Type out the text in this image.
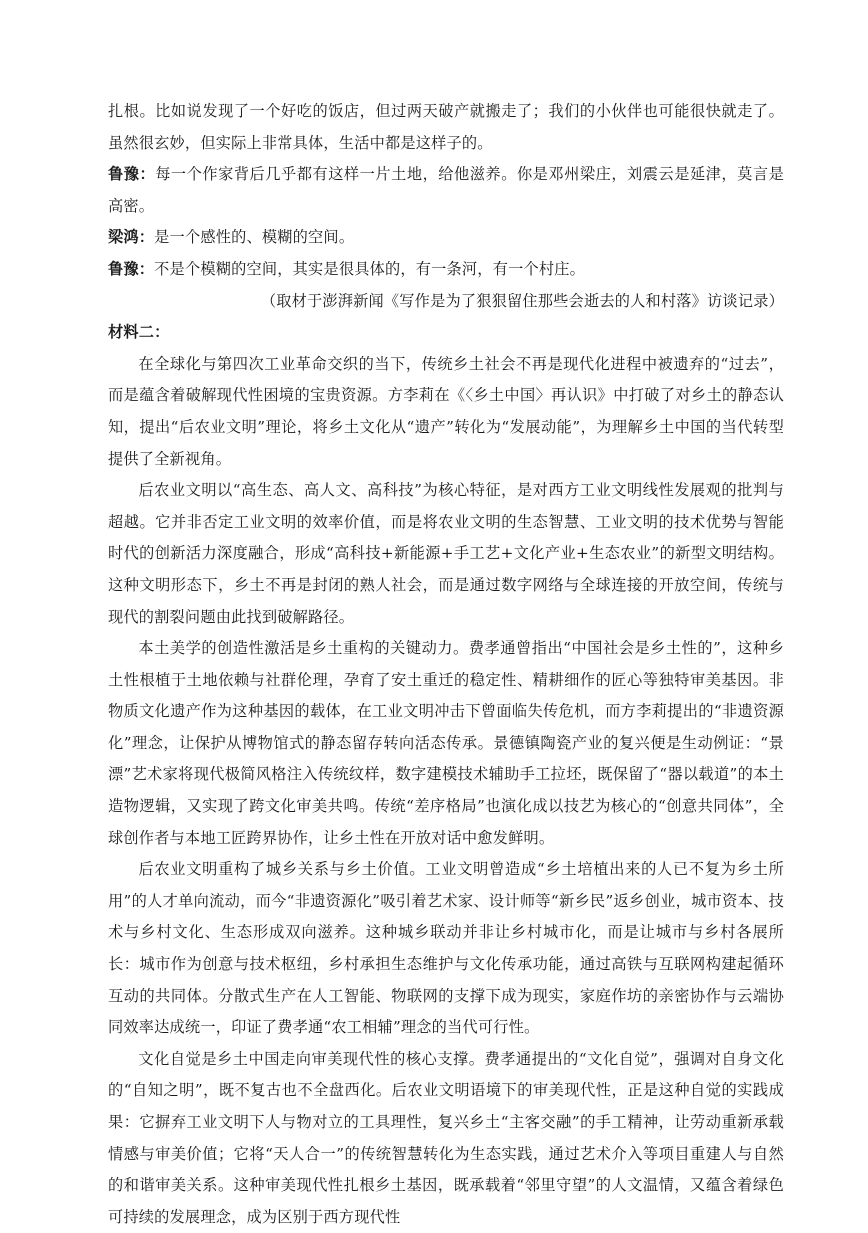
扎根。比如说发现了一个好吃的饭店，但过两天破产就搬走了；我们的小伙伴也可能很快就走了。虽然很玄妙，但实际上非常具体，生活中都是这样子的。

鲁豫：每一个作家背后几乎都有这样一片土地，给他滋养。你是邓州梁庄，刘震云是延津，莫言是高密。

梁鸿：是一个感性的、模糊的空间。

鲁豫：不是个模糊的空间，其实是很具体的，有一条河，有一个村庄。

（取材于澎湃新闻《写作是为了狠狠留住那些会逝去的人和村落》访谈记录）

材料二：

在全球化与第四次工业革命交织的当下，传统乡土社会不再是现代化进程中被遗弃的“过去”，而是蕴含着破解现代性困境的宝贵资源。方李莉在《〈乡土中国〉再认识》中打破了对乡土的静态认知，提出“后农业文明”理论，将乡土文化从“遗产”转化为“发展动能”，为理解乡土中国的当代转型提供了全新视角。

后农业文明以“高生态、高人文、高科技”为核心特征，是对西方工业文明线性发展观的批判与超越。它并非否定工业文明的效率价值，而是将农业文明的生态智慧、工业文明的技术优势与智能时代的创新活力深度融合，形成“高科技+新能源+手工艺+文化产业+生态农业”的新型文明结构。这种文明形态下，乡土不再是封闭的熟人社会，而是通过数字网络与全球连接的开放空间，传统与现代的割裂问题由此找到破解路径。

本土美学的创造性激活是乡土重构的关键动力。费孝通曾指出“中国社会是乡土性的”，这种乡土性根植于土地依赖与社群伦理，孕育了安土重迁的稳定性、精耕细作的匠心等独特审美基因。非物质文化遗产作为这种基因的载体，在工业文明冲击下曾面临失传危机，而方李莉提出的“非遗资源化”理念，让保护从博物馆式的静态留存转向活态传承。景德镇陶瓷产业的复兴便是生动例证：“景漂”艺术家将现代极简风格注入传统纹样，数字建模技术辅助手工拉坯，既保留了“器以载道”的本土造物逻辑，又实现了跨文化审美共鸣。传统“差序格局”也演化成以技艺为核心的“创意共同体”，全球创作者与本地工匠跨界协作，让乡土性在开放对话中愈发鲜明。

后农业文明重构了城乡关系与乡土价值。工业文明曾造成“乡土培植出来的人已不复为乡土所用”的人才单向流动，而今“非遗资源化”吸引着艺术家、设计师等“新乡民”返乡创业，城市资本、技术与乡村文化、生态形成双向滋养。这种城乡联动并非让乡村城市化，而是让城市与乡村各展所长：城市作为创意与技术枢纽，乡村承担生态维护与文化传承功能，通过高铁与互联网构建起循环互动的共同体。分散式生产在人工智能、物联网的支撑下成为现实，家庭作坊的亲密协作与云端协同效率达成统一，印证了费孝通“农工相辅”理念的当代可行性。

文化自觉是乡土中国走向审美现代性的核心支撑。费孝通提出的“文化自觉”，强调对自身文化的“自知之明”，既不复古也不全盘西化。后农业文明语境下的审美现代性，正是这种自觉的实践成果：它摒弃工业文明下人与物对立的工具理性，复兴乡土“主客交融”的手工精神，让劳动重新承载情感与审美价值；它将“天人合一”的传统智慧转化为生态实践，通过艺术介入等项目重建人与自然的和谐审美关系。这种审美现代性扎根乡土基因，既承载着“邻里守望”的人文温情，又蕴含着绿色可持续的发展理念，成为区别于西方现代性
